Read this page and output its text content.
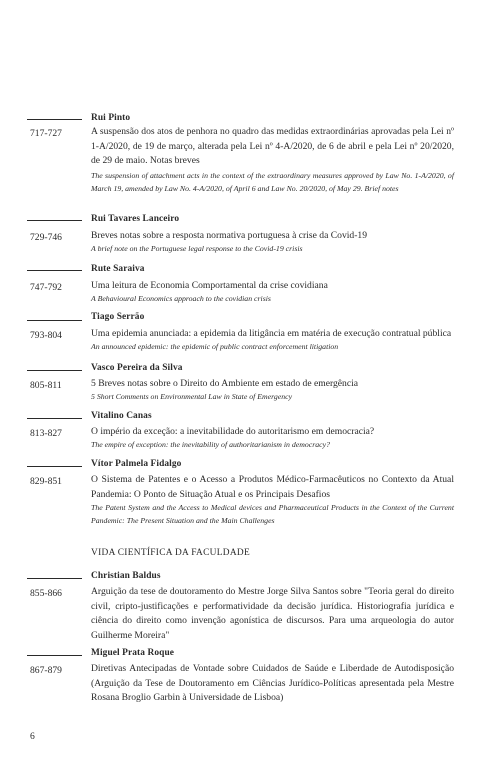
Rui Pinto
717-727	A suspensão dos atos de penhora no quadro das medidas extraordinárias aprovadas pela Lei nº 1-A/2020, de 19 de março, alterada pela Lei nº 4-A/2020, de 6 de abril e pela Lei nº 20/2020, de 29 de maio. Notas breves
The suspension of attachment acts in the context of the extraordinary measures approved by Law No. 1-A/2020, of March 19, amended by Law No. 4-A/2020, of April 6 and Law No. 20/2020, of May 29. Brief notes
Rui Tavares Lanceiro
729-746	Breves notas sobre a resposta normativa portuguesa à crise da Covid-19
A brief note on the Portuguese legal response to the Covid-19 crisis
Rute Saraiva
747-792	Uma leitura de Economia Comportamental da crise covidiana
A Behavioural Economics approach to the covidian crisis
Tiago Serrão
793-804	Uma epidemia anunciada: a epidemia da litigância em matéria de execução contratual pública
An announced epidemic: the epidemic of public contract enforcement litigation
Vasco Pereira da Silva
805-811	5 Breves notas sobre o Direito do Ambiente em estado de emergência
5 Short Comments on Environmental Law in State of Emergency
Vitalino Canas
813-827	O império da exceção: a inevitabilidade do autoritarismo em democracia?
The empire of exception: the inevitability of authoritarianism in democracy?
Vítor Palmela Fidalgo
829-851	O Sistema de Patentes e o Acesso a Produtos Médico-Farmacêuticos no Contexto da Atual Pandemia: O Ponto de Situação Atual e os Principais Desafios
The Patent System and the Access to Medical devices and Pharmaceutical Products in the Context of the Current Pandemic: The Present Situation and the Main Challenges
VIDA CIENTÍFICA DA FACULDADE
Christian Baldus
855-866	Arguição da tese de doutoramento do Mestre Jorge Silva Santos sobre "Teoria geral do direito civil, cripto-justificações e performatividade da decisão jurídica. Historiografia jurídica e ciência do direito como invenção agonística de discursos. Para uma arqueologia do autor Guilherme Moreira"
Miguel Prata Roque
867-879	Diretivas Antecipadas de Vontade sobre Cuidados de Saúde e Liberdade de Autodisposição (Arguição da Tese de Doutoramento em Ciências Jurídico-Políticas apresentada pela Mestre Rosana Broglio Garbin à Universidade de Lisboa)
6
